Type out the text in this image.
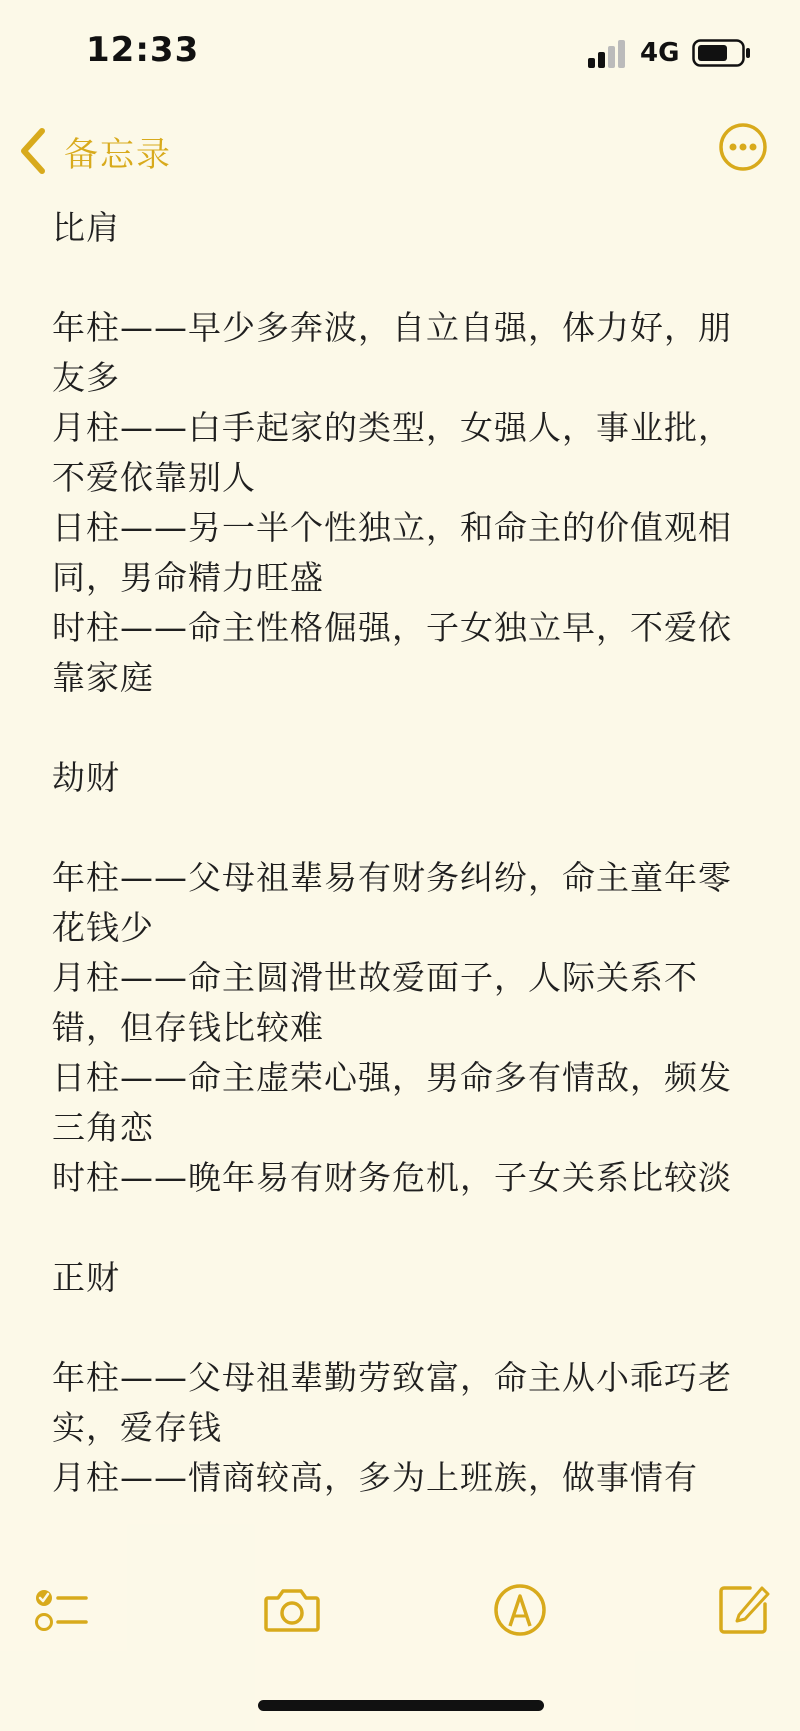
12:33	4G
备忘录
比肩
年柱——早少多奔波，自立自强，体力好，朋友多
月柱——白手起家的类型，女强人，事业批，不爱依靠别人
日柱——另一半个性独立，和命主的价值观相同，男命精力旺盛
时柱——命主性格倔强，子女独立早，不爱依靠家庭
劫财
年柱——父母祖辈易有财务纠纷，命主童年零花钱少
月柱——命主圆滑世故爱面子，人际关系不错，但存钱比较难
日柱——命主虚荣心强，男命多有情敌，频发三角恋
时柱——晚年易有财务危机，子女关系比较淡
正财
年柱——父母祖辈勤劳致富，命主从小乖巧老实，爱存钱
月柱——情商较高，多为上班族，做事情有
